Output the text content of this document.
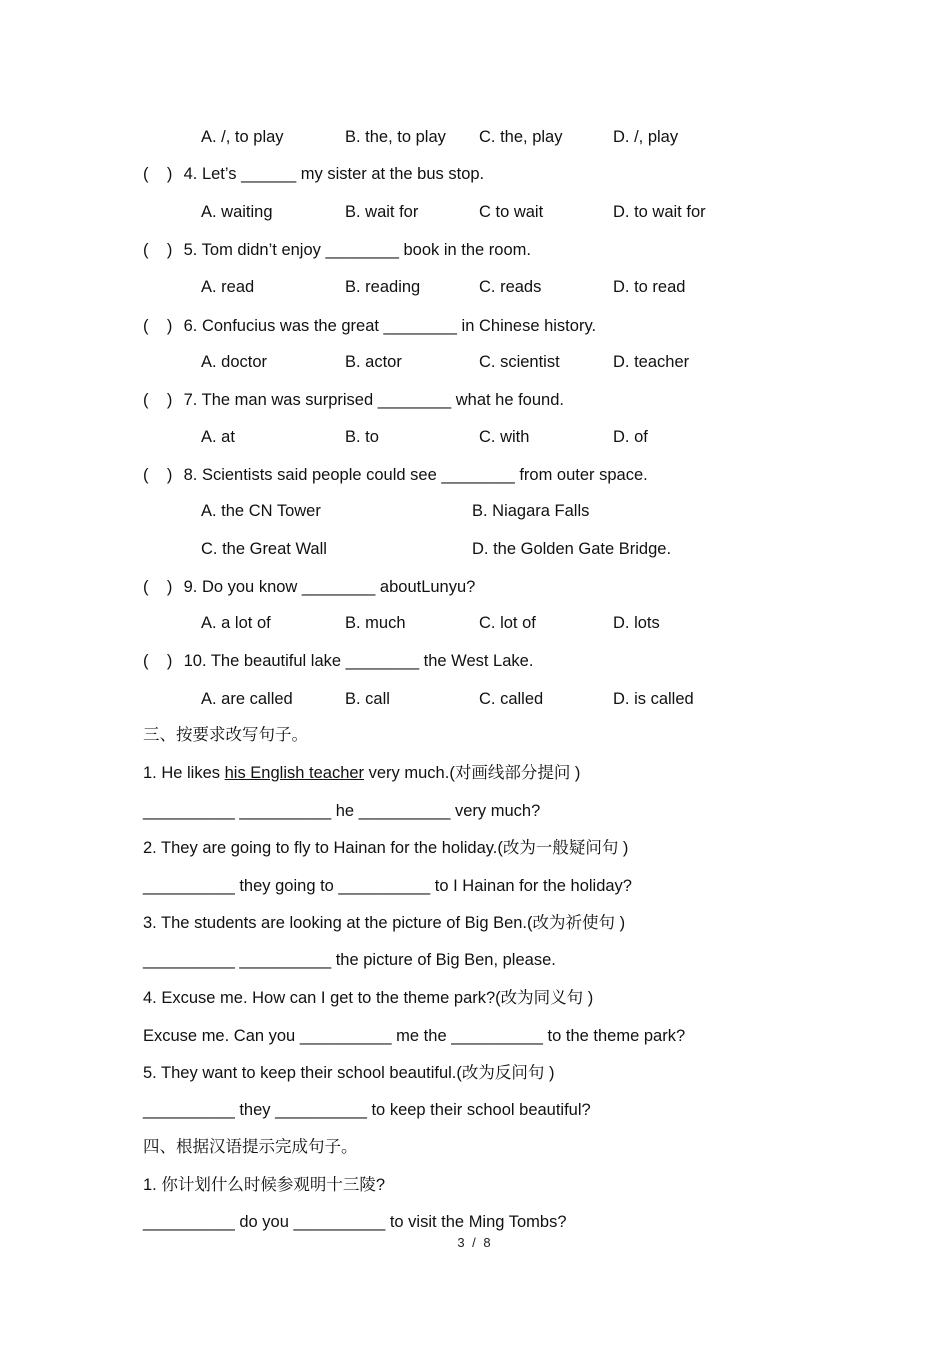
A. /, to play	B. the, to play C. the, play	D. /, play
(    ) 4. Let’s ______ my sister at the bus stop.
A. waiting	B. wait for	C to wait	D. to wait for
(    ) 5. Tom didn’t enjoy ________ book in the room.
A. read	B. reading	C. reads	D. to read
(    ) 6. Confucius was the great ________ in Chinese history.
A. doctor	B. actor	C. scientist	D. teacher
(    ) 7. The man was surprised ________ what he found.
A. at	B. to	C. with	D. of
(    ) 8. Scientists said people could see ________ from outer space.
A. the CN Tower	B. Niagara Falls
C. the Great Wall	D. the Golden Gate Bridge.
(    ) 9. Do you know ________ aboutLunyu?
A. a lot of	B. much	C. lot of	D. lots
(    ) 10. The beautiful lake ________ the West Lake.
A. are called	B. call	C. called	D. is called
三、按要求改写句子。
1. He likes his English teacher very much.(对画线部分提问 )
__________ __________ he __________ very much?
2. They are going to fly to Hainan for the holiday.(改为一般疑问句 )
__________ they going to __________ to I Hainan for the holiday?
3. The students are looking at the picture of Big Ben.(改为祈使句 )
__________ __________ the picture of Big Ben, please.
4. Excuse me. How can I get to the theme park?(改为同义句 )
Excuse me. Can you __________ me the __________ to the theme park?
5. They want to keep their school beautiful.(改为反问句 )
__________ they __________ to keep their school beautiful?
四、根据汉语提示完成句子。
1. 你计划什么时候参观明十三陵?
__________ do you __________ to visit the Ming Tombs?
3 / 8
